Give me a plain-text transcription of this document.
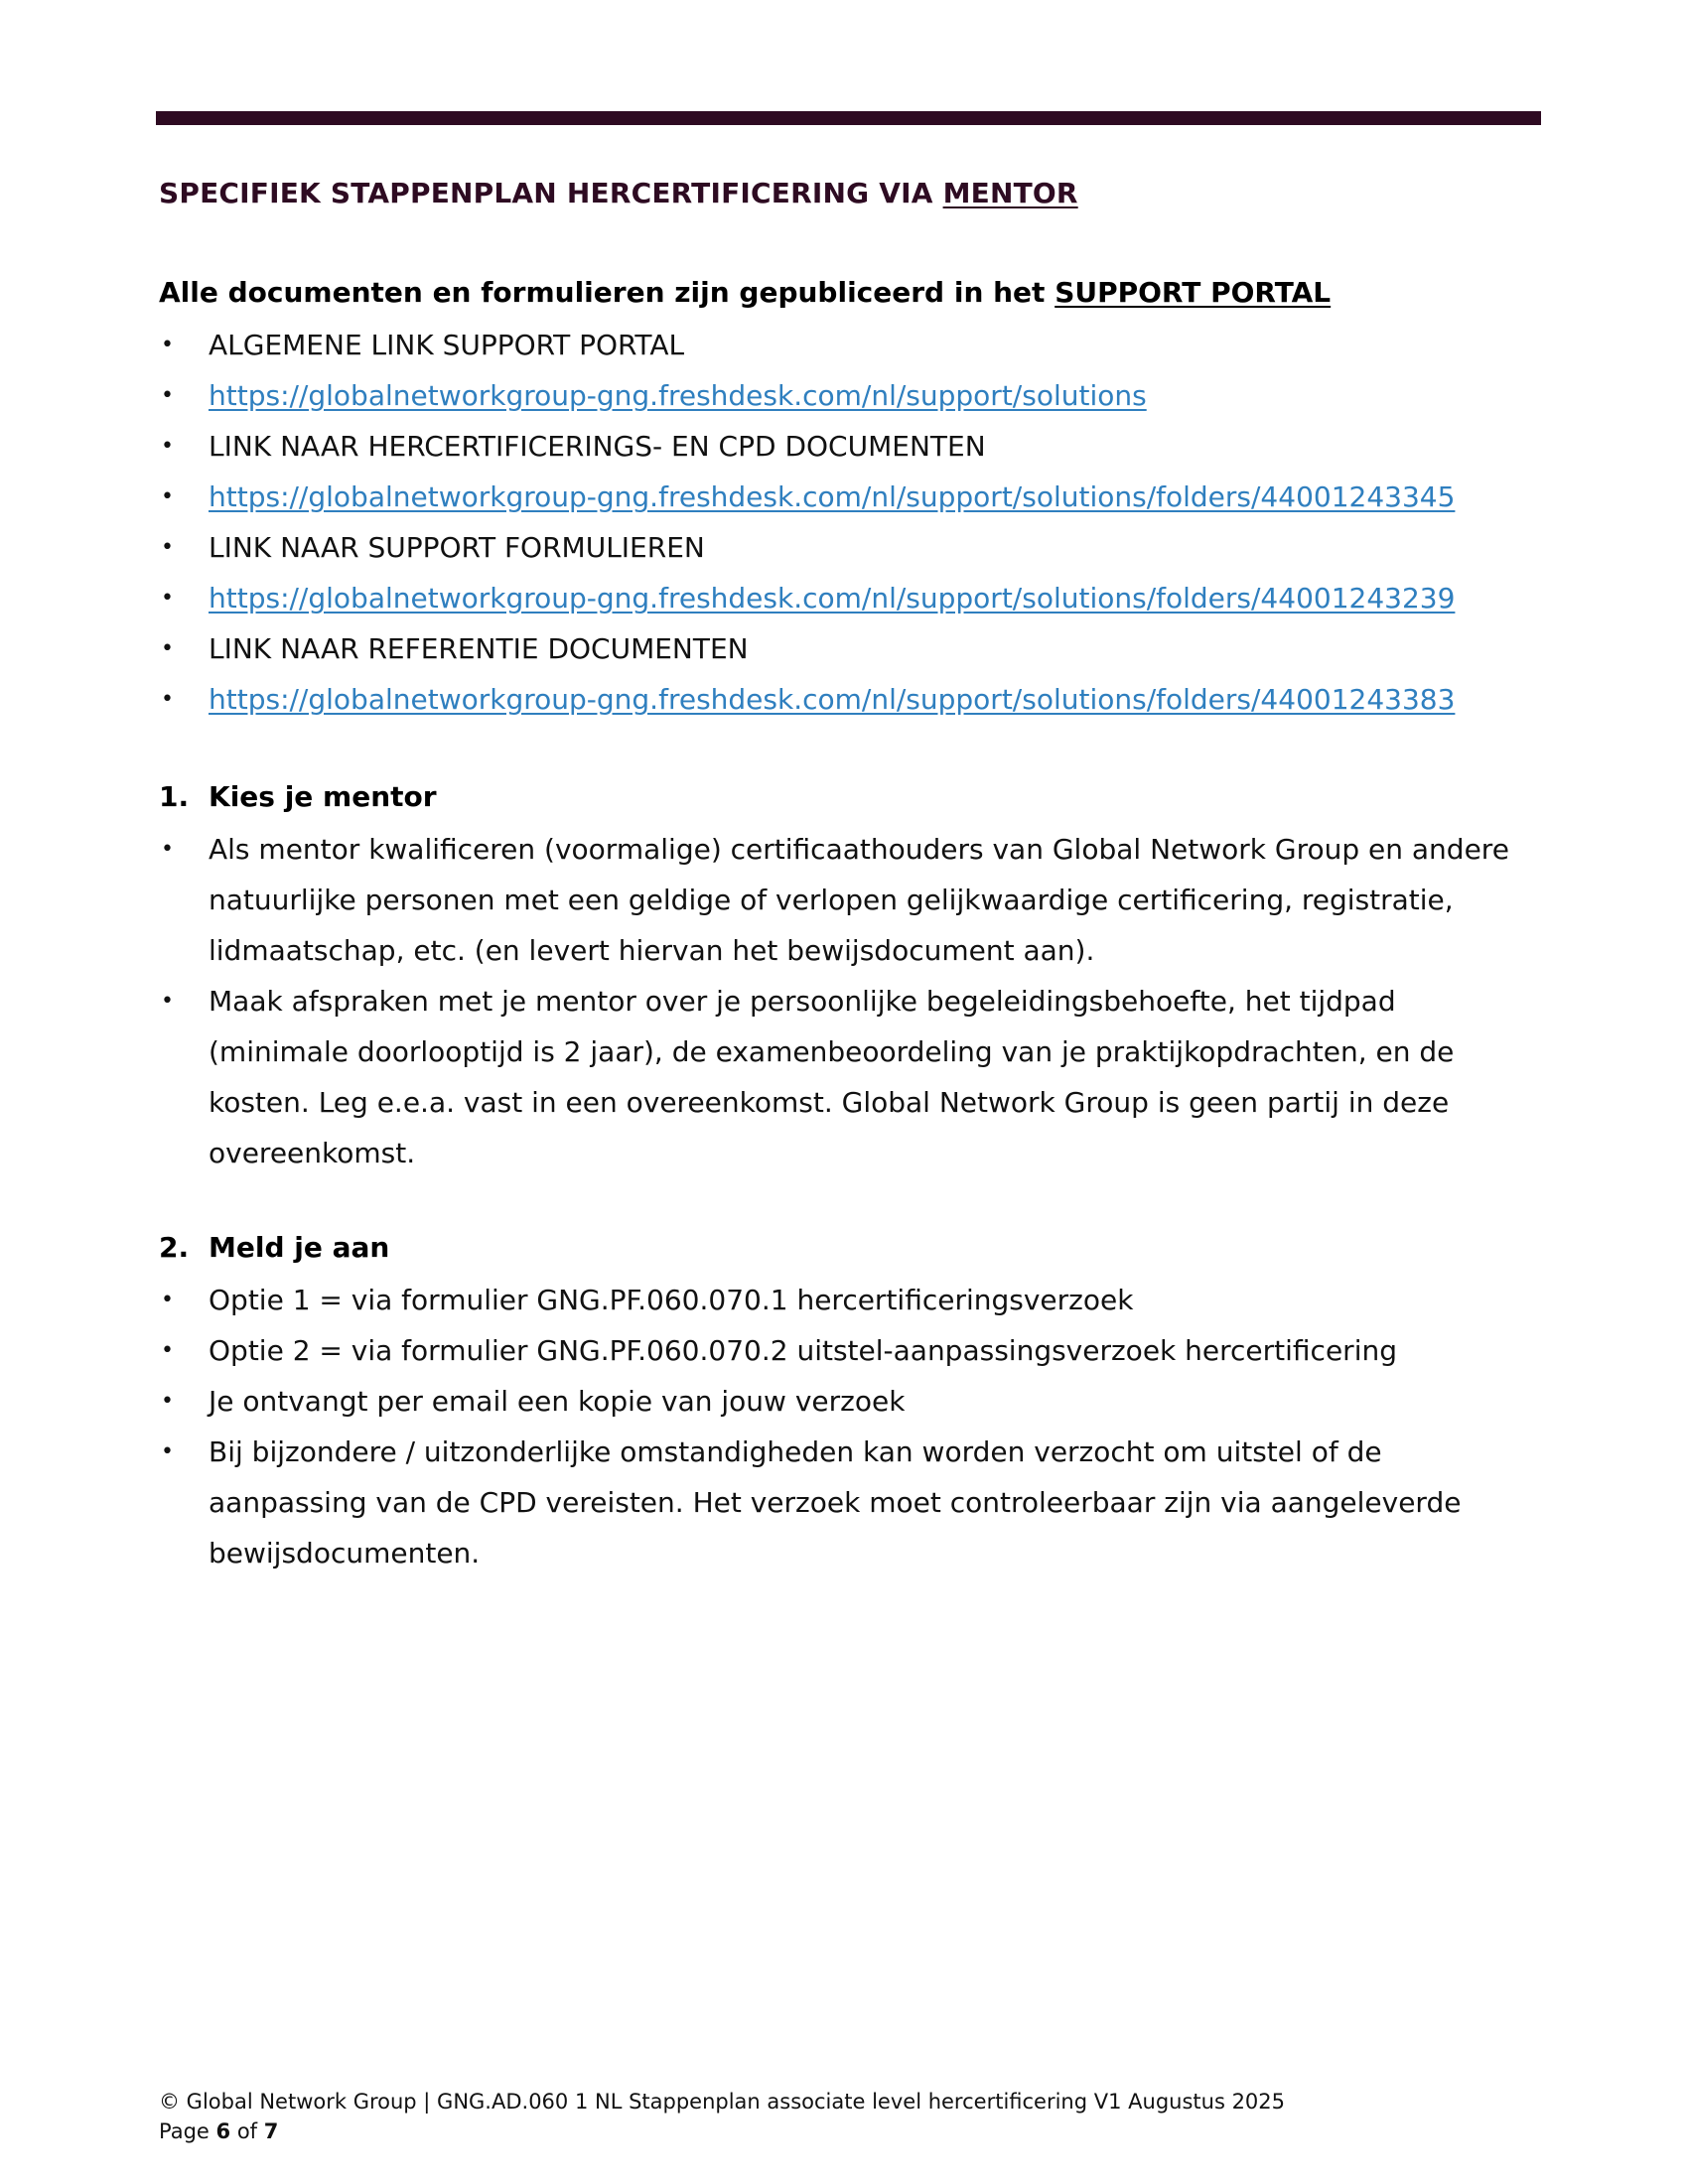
SPECIFIEK STAPPENPLAN HERCERTIFICERING VIA MENTOR

Alle documenten en formulieren zijn gepubliceerd in het SUPPORT PORTAL

• ALGEMENE LINK SUPPORT PORTAL
• https://globalnetworkgroup-gng.freshdesk.com/nl/support/solutions
• LINK NAAR HERCERTIFICERINGS- EN CPD DOCUMENTEN
• https://globalnetworkgroup-gng.freshdesk.com/nl/support/solutions/folders/44001243345
• LINK NAAR SUPPORT FORMULIEREN
• https://globalnetworkgroup-gng.freshdesk.com/nl/support/solutions/folders/44001243239
• LINK NAAR REFERENTIE DOCUMENTEN
• https://globalnetworkgroup-gng.freshdesk.com/nl/support/solutions/folders/44001243383
1. Kies je mentor
• Als mentor kwalificeren (voormalige) certificaathouders van Global Network Group en andere
natuurlijke personen met een geldige of verlopen gelijkwaardige certificering, registratie,
lidmaatschap, etc. (en levert hiervan het bewijsdocument aan).
• Maak afspraken met je mentor over je persoonlijke begeleidingsbehoefte, het tijdpad
(minimale doorlooptijd is 2 jaar), de examenbeoordeling van je praktijkopdrachten, en de
kosten. Leg e.e.a. vast in een overeenkomst. Global Network Group is geen partij in deze
overeenkomst.
2. Meld je aan
• Optie 1 = via formulier GNG.PF.060.070.1 hercertificeringsverzoek
• Optie 2 = via formulier GNG.PF.060.070.2 uitstel-aanpassingsverzoek hercertificering
• Je ontvangt per email een kopie van jouw verzoek
• Bij bijzondere / uitzonderlijke omstandigheden kan worden verzocht om uitstel of de
aanpassing van de CPD vereisten. Het verzoek moet controleerbaar zijn via aangeleverde
bewijsdocumenten.
© Global Network Group | GNG.AD.060 1 NL Stappenplan associate level hercertificering V1 Augustus 2025
Page 6 of 7
